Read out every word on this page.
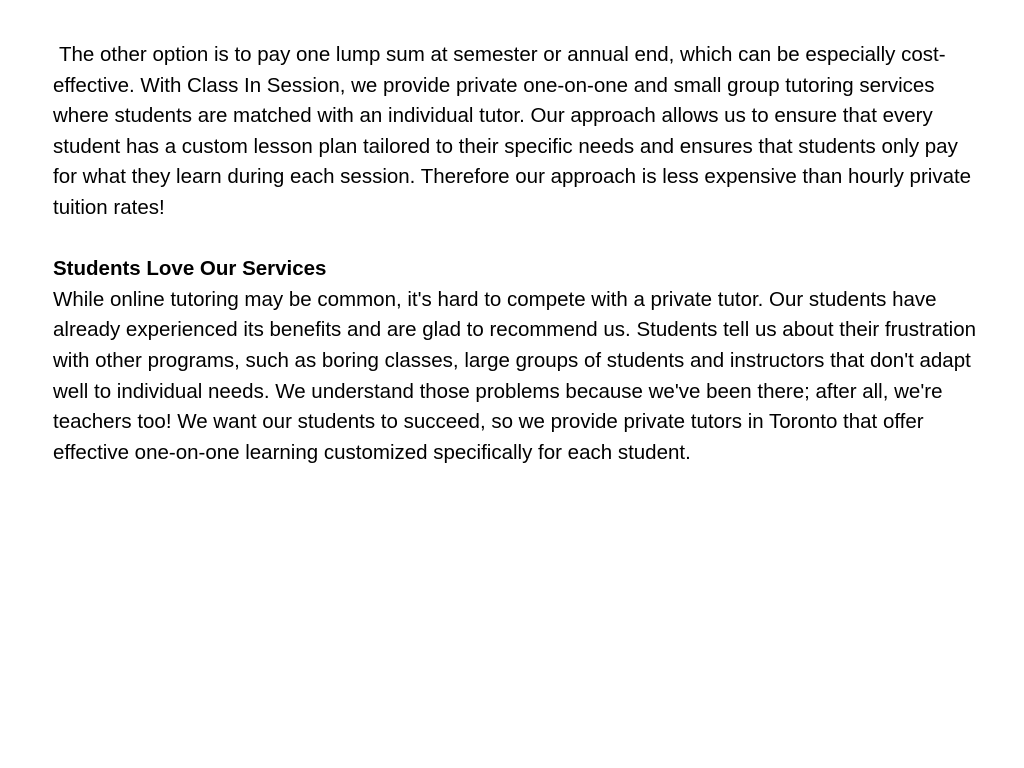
The other option is to pay one lump sum at semester or annual end, which can be especially cost-effective. With Class In Session, we provide private one-on-one and small group tutoring services where students are matched with an individual tutor. Our approach allows us to ensure that every student has a custom lesson plan tailored to their specific needs and ensures that students only pay for what they learn during each session. Therefore our approach is less expensive than hourly private tuition rates!

Students Love Our Services

While online tutoring may be common, it's hard to compete with a private tutor. Our students have already experienced its benefits and are glad to recommend us. Students tell us about their frustration with other programs, such as boring classes, large groups of students and instructors that don't adapt well to individual needs. We understand those problems because we've been there; after all, we're teachers too! We want our students to succeed, so we provide private tutors in Toronto that offer effective one-on-one learning customized specifically for each student.
